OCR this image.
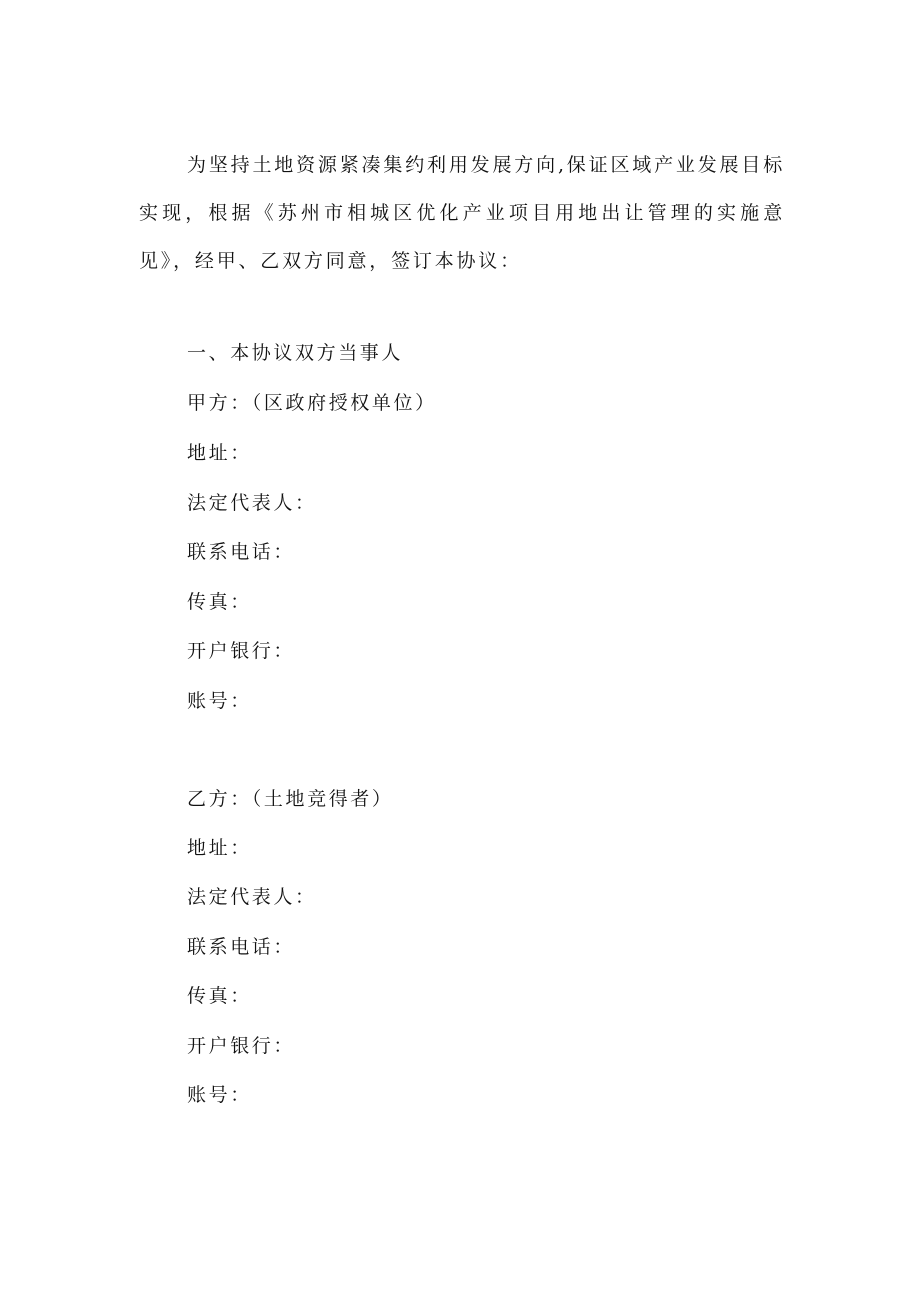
为坚持土地资源紧凑集约利用发展方向,保证区域产业发展目标实现，根据《苏州市相城区优化产业项目用地出让管理的实施意见》，经甲、乙双方同意，签订本协议：

一、本协议双方当事人

甲方：（区政府授权单位）

地址：

法定代表人：

联系电话：

传真：

开户银行：

账号：

乙方：（土地竞得者）

地址：

法定代表人：

联系电话：

传真：

开户银行：

账号：
